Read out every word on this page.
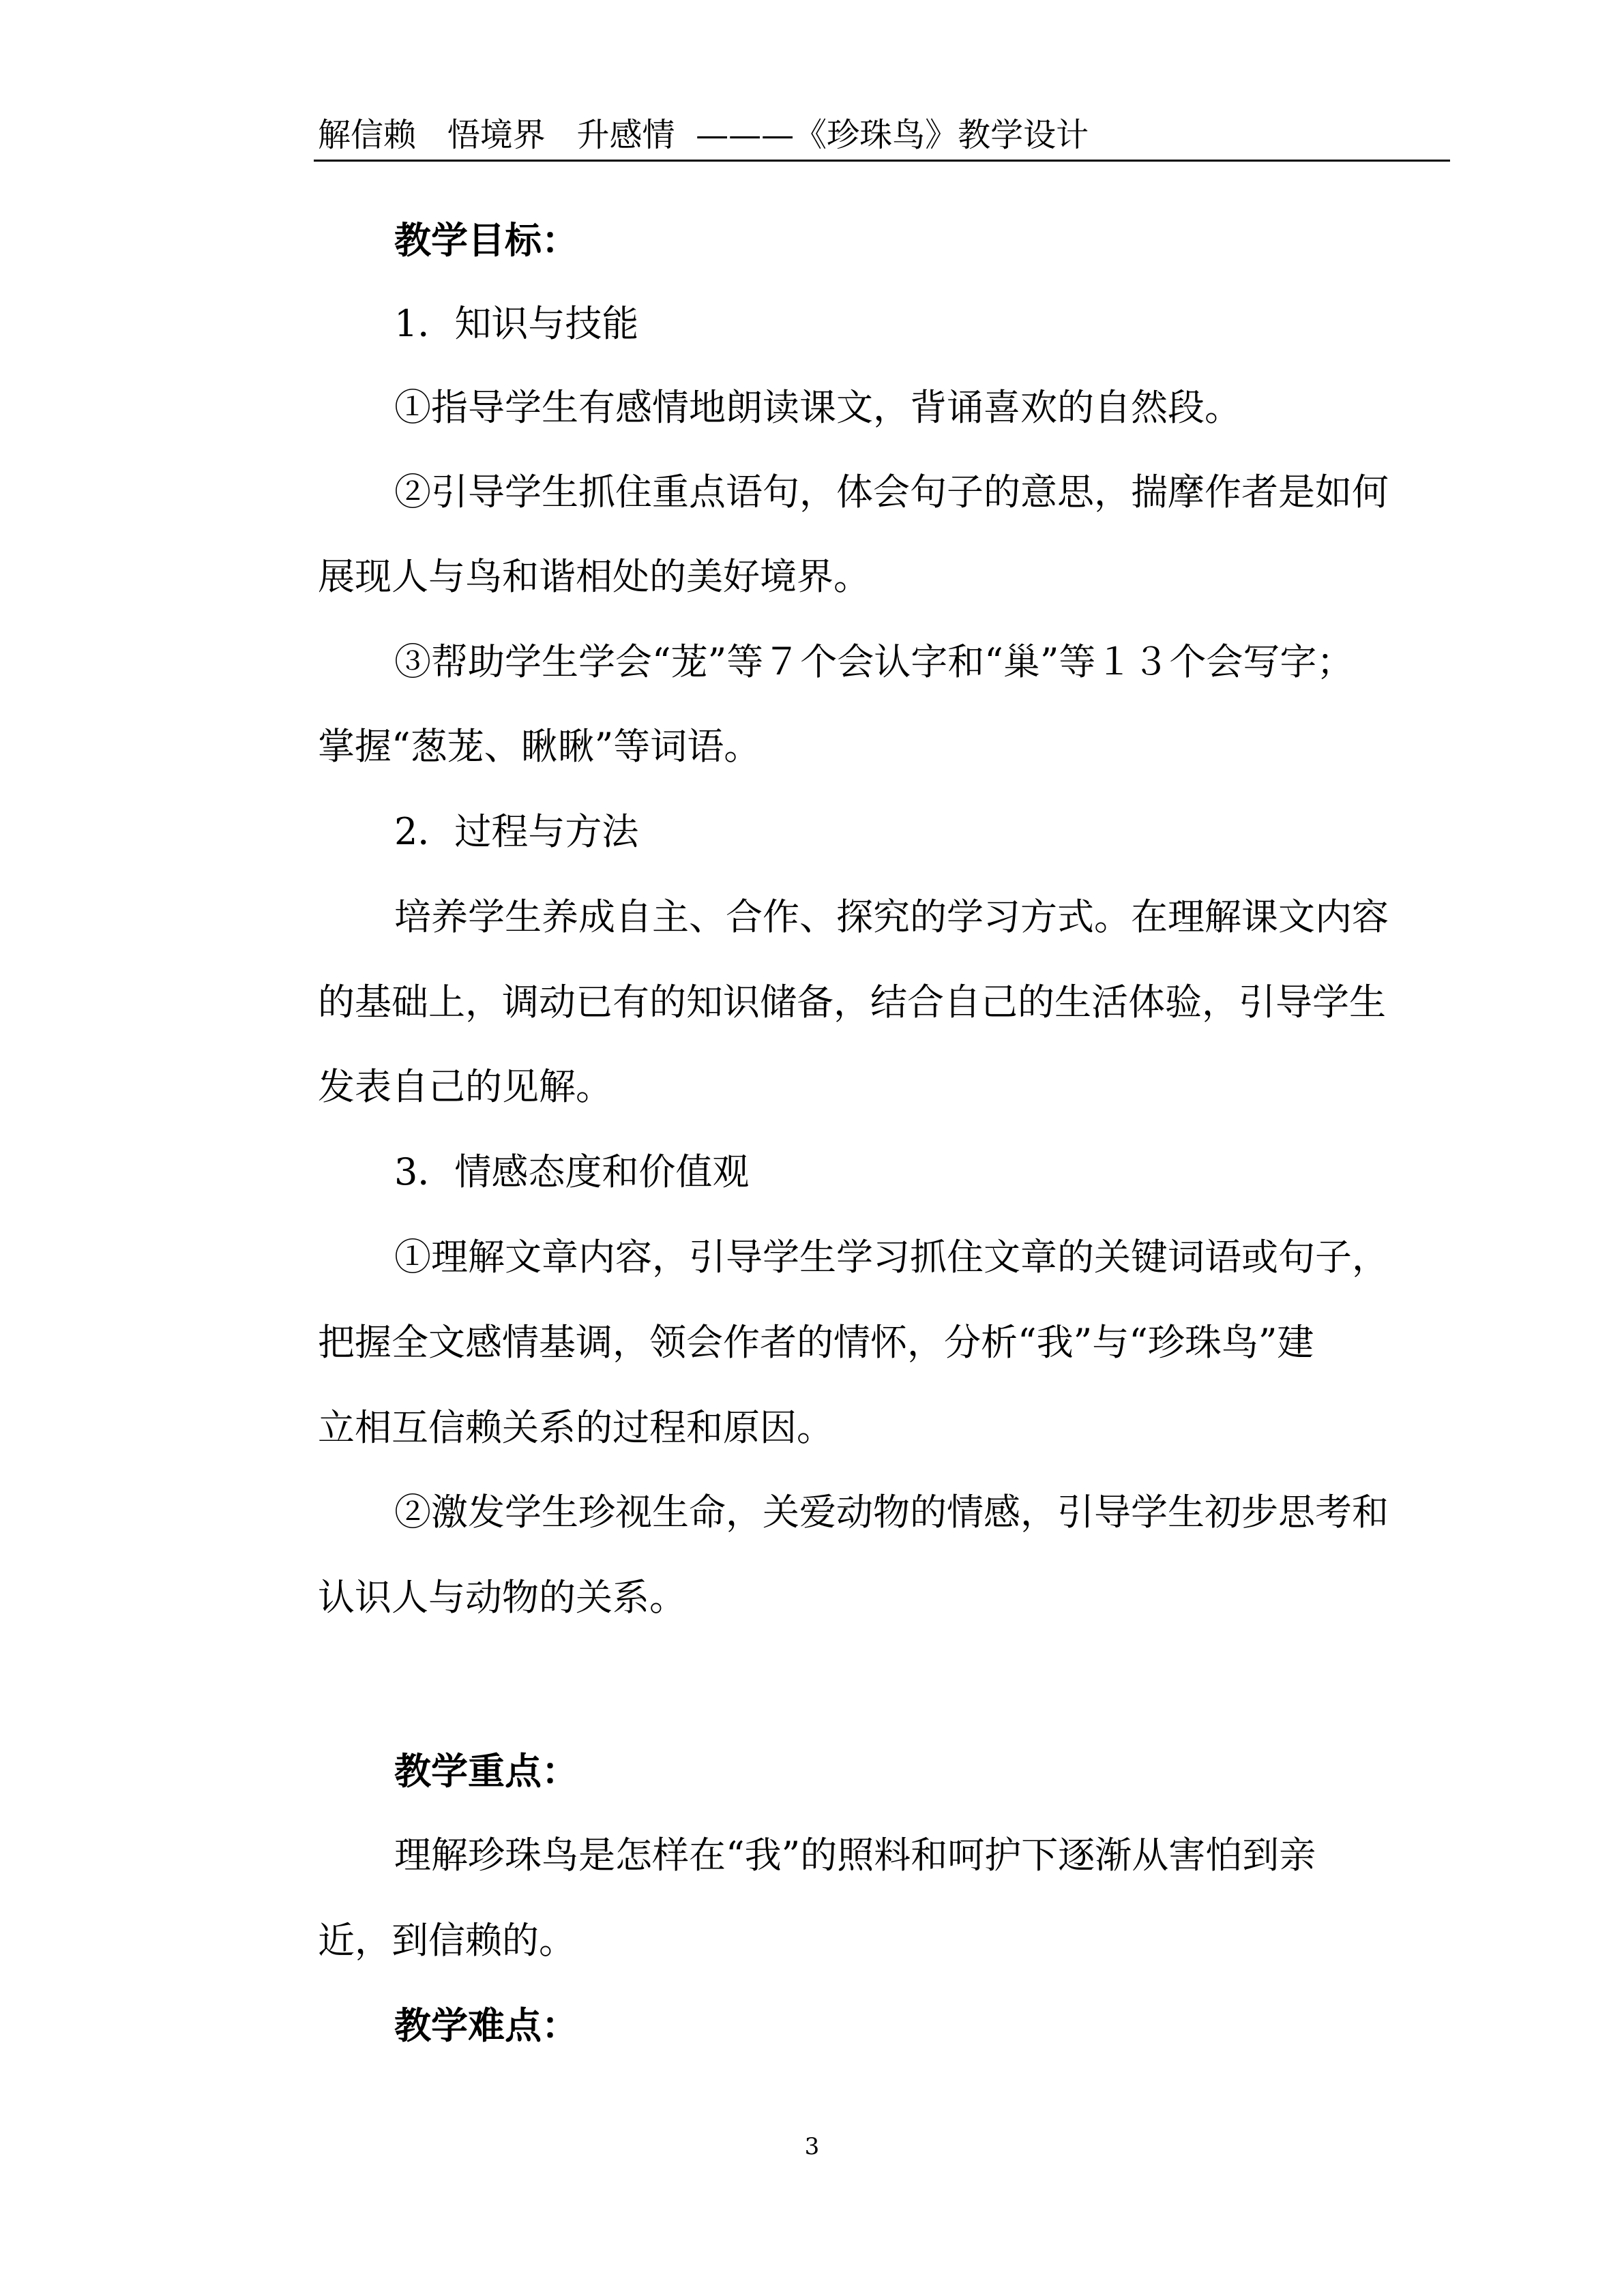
解信赖   悟境界   升感情  ———《珍珠鸟》教学设计
教学目标：
1．知识与技能
①指导学生有感情地朗读课文，背诵喜欢的自然段。
②引导学生抓住重点语句，体会句子的意思，揣摩作者是如何
展现人与鸟和谐相处的美好境界。
③帮助学生学会“茏”等７个会认字和“巢”等１３个会写字；
掌握“葱茏、瞅瞅”等词语。
2．过程与方法
培养学生养成自主、合作、探究的学习方式。在理解课文内容
的基础上，调动已有的知识储备，结合自己的生活体验，引导学生
发表自己的见解。
3．情感态度和价值观
①理解文章内容，引导学生学习抓住文章的关键词语或句子，
把握全文感情基调，领会作者的情怀，分析“我”与“珍珠鸟”建
立相互信赖关系的过程和原因。
②激发学生珍视生命，关爱动物的情感，引导学生初步思考和
认识人与动物的关系。
教学重点：
理解珍珠鸟是怎样在“我”的照料和呵护下逐渐从害怕到亲
近，到信赖的。
教学难点：
3
